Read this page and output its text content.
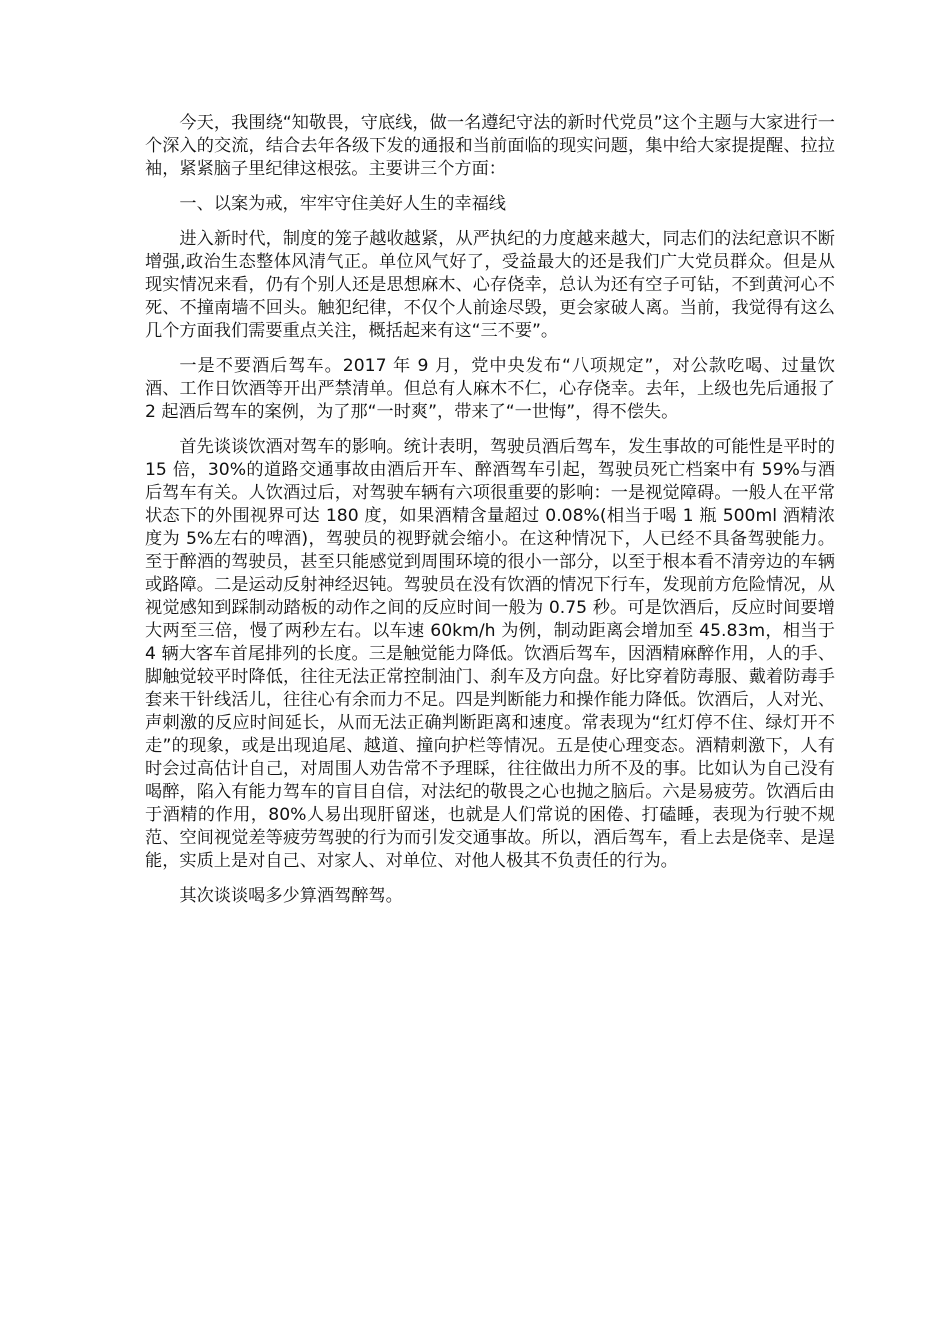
今天，我围绕“知敬畏，守底线，做一名遵纪守法的新时代党员”这个主题与大家进行一个深入的交流，结合去年各级下发的通报和当前面临的现实问题，集中给大家提提醒、拉拉袖，紧紧脑子里纪律这根弦。主要讲三个方面：

一、以案为戒，牢牢守住美好人生的幸福线

进入新时代，制度的笼子越收越紧，从严执纪的力度越来越大，同志们的法纪意识不断增强,政治生态整体风清气正。单位风气好了，受益最大的还是我们广大党员群众。但是从现实情况来看，仍有个别人还是思想麻木、心存侥幸，总认为还有空子可钻，不到黄河心不死、不撞南墙不回头。触犯纪律，不仅个人前途尽毁，更会家破人离。当前，我觉得有这么几个方面我们需要重点关注，概括起来有这“三不要”。

一是不要酒后驾车。2017 年 9 月，党中央发布“八项规定”，对公款吃喝、过量饮酒、工作日饮酒等开出严禁清单。但总有人麻木不仁，心存侥幸。去年，上级也先后通报了 2 起酒后驾车的案例，为了那“一时爽”，带来了“一世悔”，得不偿失。

首先谈谈饮酒对驾车的影响。统计表明，驾驶员酒后驾车，发生事故的可能性是平时的 15 倍，30%的道路交通事故由酒后开车、醉酒驾车引起，驾驶员死亡档案中有 59%与酒后驾车有关。人饮酒过后，对驾驶车辆有六项很重要的影响：一是视觉障碍。一般人在平常状态下的外围视界可达 180 度，如果酒精含量超过 0.08%(相当于喝 1 瓶 500ml 酒精浓度为 5%左右的啤酒)，驾驶员的视野就会缩小。在这种情况下，人已经不具备驾驶能力。至于醉酒的驾驶员，甚至只能感觉到周围环境的很小一部分，以至于根本看不清旁边的车辆或路障。二是运动反射神经迟钝。驾驶员在没有饮酒的情况下行车，发现前方危险情况，从视觉感知到踩制动踏板的动作之间的反应时间一般为 0.75 秒。可是饮酒后，反应时间要增大两至三倍，慢了两秒左右。以车速 60km/h 为例，制动距离会增加至 45.83m，相当于 4 辆大客车首尾排列的长度。三是触觉能力降低。饮酒后驾车，因酒精麻醉作用，人的手、脚触觉较平时降低，往往无法正常控制油门、刹车及方向盘。好比穿着防毒服、戴着防毒手套来干针线活儿，往往心有余而力不足。四是判断能力和操作能力降低。饮酒后，人对光、声刺激的反应时间延长，从而无法正确判断距离和速度。常表现为“红灯停不住、绿灯开不走”的现象，或是出现追尾、越道、撞向护栏等情况。五是使心理变态。酒精刺激下，人有时会过高估计自己，对周围人劝告常不予理睬，往往做出力所不及的事。比如认为自己没有喝醉，陷入有能力驾车的盲目自信，对法纪的敬畏之心也抛之脑后。六是易疲劳。饮酒后由于酒精的作用，80%人易出现肝留迷，也就是人们常说的困倦、打磕睡，表现为行驶不规范、空间视觉差等疲劳驾驶的行为而引发交通事故。所以，酒后驾车，看上去是侥幸、是逞能，实质上是对自己、对家人、对单位、对他人极其不负责任的行为。

其次谈谈喝多少算酒驾醉驾。
